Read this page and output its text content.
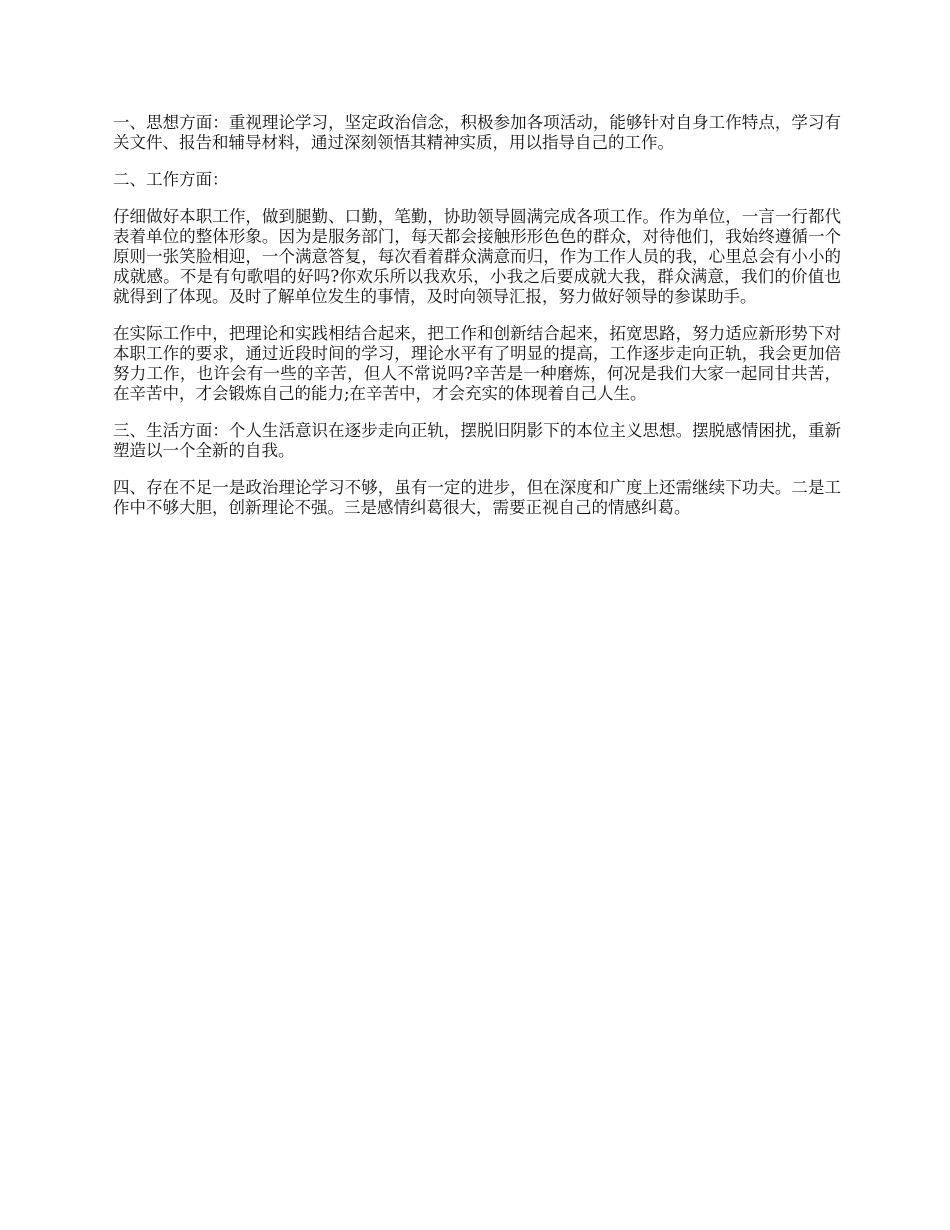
一、思想方面：重视理论学习，坚定政治信念，积极参加各项活动，能够针对自身工作特点，学习有关文件、报告和辅导材料，通过深刻领悟其精神实质，用以指导自己的工作。

二、工作方面：

仔细做好本职工作，做到腿勤、口勤，笔勤，协助领导圆满完成各项工作。作为单位，一言一行都代表着单位的整体形象。因为是服务部门，每天都会接触形形色色的群众，对待他们，我始终遵循一个原则一张笑脸相迎，一个满意答复，每次看着群众满意而归，作为工作人员的我，心里总会有小小的成就感。不是有句歌唱的好吗?你欢乐所以我欢乐，小我之后要成就大我，群众满意，我们的价值也就得到了体现。及时了解单位发生的事情，及时向领导汇报，努力做好领导的参谋助手。

在实际工作中，把理论和实践相结合起来，把工作和创新结合起来，拓宽思路，努力适应新形势下对本职工作的要求，通过近段时间的学习，理论水平有了明显的提高，工作逐步走向正轨，我会更加倍努力工作，也许会有一些的辛苦，但人不常说吗?辛苦是一种磨炼，何况是我们大家一起同甘共苦，在辛苦中，才会锻炼自己的能力;在辛苦中，才会充实的体现着自己人生。

三、生活方面：个人生活意识在逐步走向正轨，摆脱旧阴影下的本位主义思想。摆脱感情困扰，重新塑造以一个全新的自我。

四、存在不足一是政治理论学习不够，虽有一定的进步，但在深度和广度上还需继续下功夫。二是工作中不够大胆，创新理论不强。三是感情纠葛很大，需要正视自己的情感纠葛。
